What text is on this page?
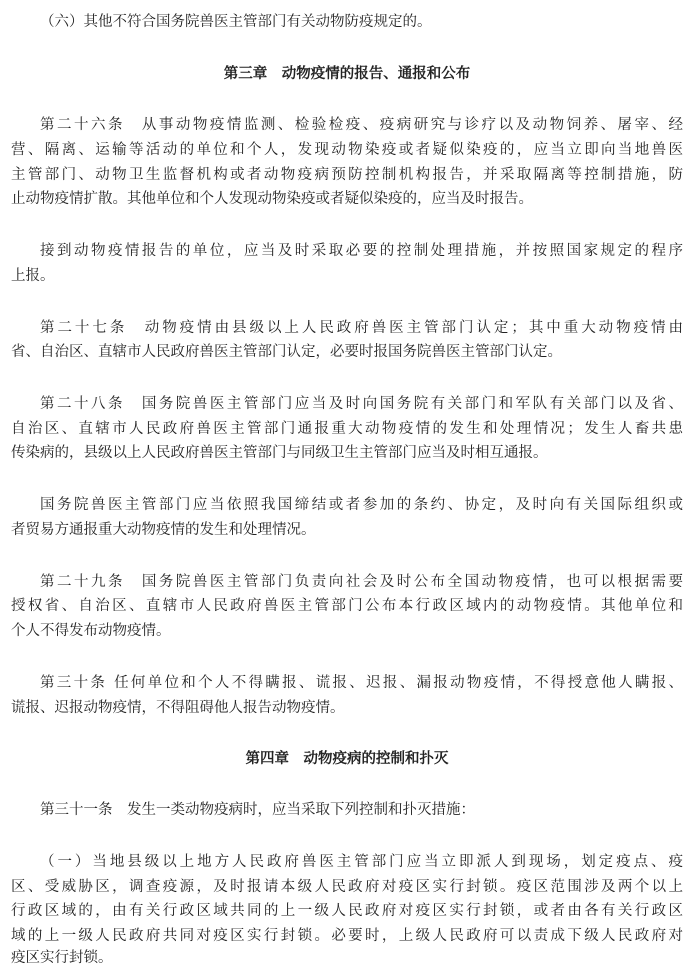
（六）其他不符合国务院兽医主管部门有关动物防疫规定的。
第三章　动物疫情的报告、通报和公布
第二十六条　从事动物疫情监测、检验检疫、疫病研究与诊疗以及动物饲养、屠宰、经
营、隔离、运输等活动的单位和个人，发现动物染疫或者疑似染疫的，应当立即向当地兽医
主管部门、动物卫生监督机构或者动物疫病预防控制机构报告，并采取隔离等控制措施，防
止动物疫情扩散。其他单位和个人发现动物染疫或者疑似染疫的，应当及时报告。
接到动物疫情报告的单位，应当及时采取必要的控制处理措施，并按照国家规定的程序
上报。
第二十七条　动物疫情由县级以上人民政府兽医主管部门认定；其中重大动物疫情由
省、自治区、直辖市人民政府兽医主管部门认定，必要时报国务院兽医主管部门认定。
第二十八条　国务院兽医主管部门应当及时向国务院有关部门和军队有关部门以及省、
自治区、直辖市人民政府兽医主管部门通报重大动物疫情的发生和处理情况；发生人畜共患
传染病的，县级以上人民政府兽医主管部门与同级卫生主管部门应当及时相互通报。
国务院兽医主管部门应当依照我国缔结或者参加的条约、协定，及时向有关国际组织或
者贸易方通报重大动物疫情的发生和处理情况。
第二十九条　国务院兽医主管部门负责向社会及时公布全国动物疫情，也可以根据需要
授权省、自治区、直辖市人民政府兽医主管部门公布本行政区域内的动物疫情。其他单位和
个人不得发布动物疫情。
第三十条 任何单位和个人不得瞒报、谎报、迟报、漏报动物疫情，不得授意他人瞒报、
谎报、迟报动物疫情，不得阻碍他人报告动物疫情。
第四章　动物疫病的控制和扑灭
第三十一条　发生一类动物疫病时，应当采取下列控制和扑灭措施：
（一）当地县级以上地方人民政府兽医主管部门应当立即派人到现场，划定疫点、疫
区、受威胁区，调查疫源，及时报请本级人民政府对疫区实行封锁。疫区范围涉及两个以上
行政区域的，由有关行政区域共同的上一级人民政府对疫区实行封锁，或者由各有关行政区
域的上一级人民政府共同对疫区实行封锁。必要时，上级人民政府可以责成下级人民政府对
疫区实行封锁。
